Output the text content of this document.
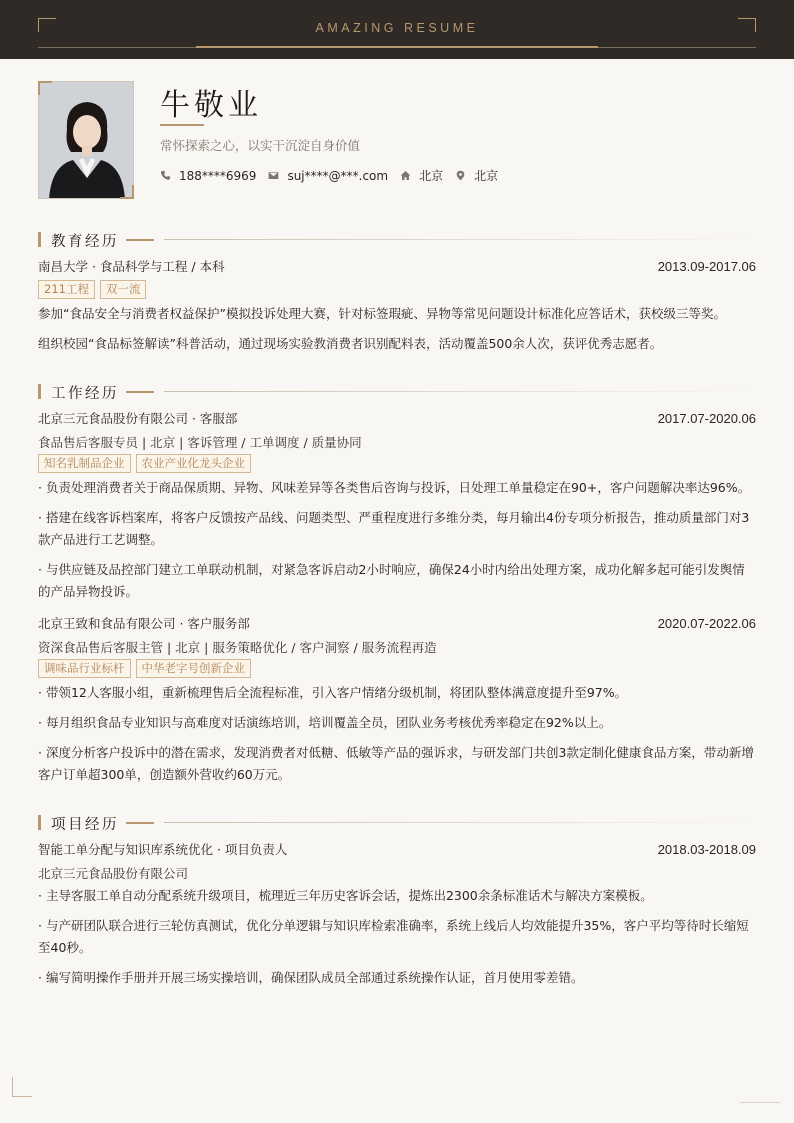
AMAZING RESUME
牛敬业
常怀探索之心，以实干沉淀自身价值
188****6969	suj****@***.com	北京	北京
教育经历
南昌大学 · 食品科学与工程 / 本科	2013.09-2017.06
211工程	双一流
参加“食品安全与消费者权益保护”模拟投诉处理大赛，针对标签瑕疵、异物等常见问题设计标准化应答话术，获校级三等奖。
组织校园“食品标签解读”科普活动，通过现场实验教消费者识别配料表，活动覆盖500余人次，获评优秀志愿者。
工作经历
北京三元食品股份有限公司 · 客服部	2017.07-2020.06
食品售后客服专员 | 北京 | 客诉管理 / 工单调度 / 质量协同
知名乳制品企业	农业产业化龙头企业
· 负责处理消费者关于商品保质期、异物、风味差异等各类售后咨询与投诉，日处理工单量稳定在90+，客户问题解决率达96%。
· 搭建在线客诉档案库，将客户反馈按产品线、问题类型、严重程度进行多维分类，每月输出4份专项分析报告，推动质量部门对3款产品进行工艺调整。
· 与供应链及品控部门建立工单联动机制，对紧急客诉启动2小时响应，确保24小时内给出处理方案，成功化解多起可能引发舆情的产品异物投诉。
北京王致和食品有限公司 · 客户服务部	2020.07-2022.06
资深食品售后客服主管 | 北京 | 服务策略优化 / 客户洞察 / 服务流程再造
调味品行业标杆	中华老字号创新企业
· 带领12人客服小组，重新梳理售后全流程标准，引入客户情绪分级机制，将团队整体满意度提升至97%。
· 每月组织食品专业知识与高难度对话演练培训，培训覆盖全员，团队业务考核优秀率稳定在92%以上。
· 深度分析客户投诉中的潜在需求，发现消费者对低糖、低敏等产品的强诉求，与研发部门共创3款定制化健康食品方案，带动新增客户订单超300单，创造额外营收约60万元。
项目经历
智能工单分配与知识库系统优化 · 项目负责人	2018.03-2018.09
北京三元食品股份有限公司
· 主导客服工单自动分配系统升级项目，梳理近三年历史客诉会话，提炼出2300余条标准话术与解决方案模板。
· 与产研团队联合进行三轮仿真测试，优化分单逻辑与知识库检索准确率，系统上线后人均效能提升35%，客户平均等待时长缩短至40秒。
· 编写简明操作手册并开展三场实操培训，确保团队成员全部通过系统操作认证，首月使用零差错。
